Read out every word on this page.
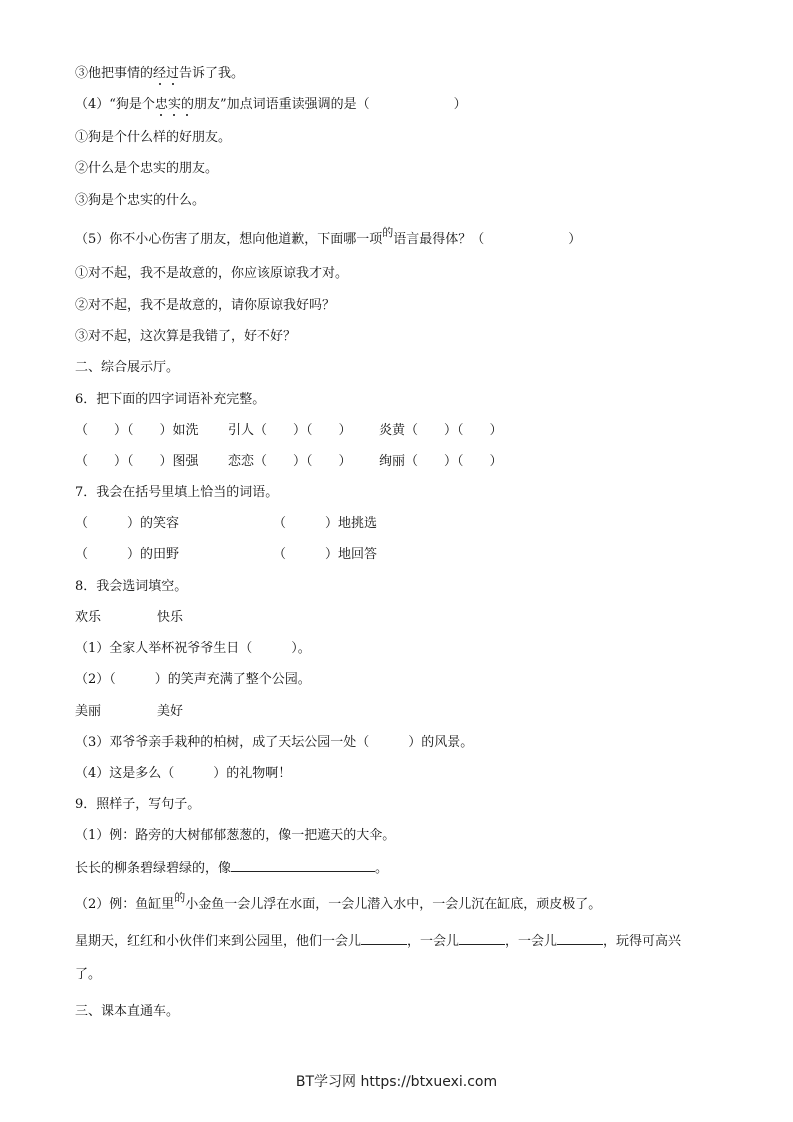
③他把事情的经过告诉了我。
（4）“狗是个忠实的朋友”加点词语重读强调的是（	）
①狗是个什么样的好朋友。
②什么是个忠实的朋友。
③狗是个忠实的什么。
（5）你不小心伤害了朋友，想向他道歉，下面哪一项$^的$语言最得体？（	）
①对不起，我不是故意的，你应该原谅我才对。
②对不起，我不是故意的，请你原谅我好吗？
③对不起，这次算是我错了，好不好？
二、综合展示厅。
6．把下面的四字词语补充完整。
（　　）（　　）如洗 引人（　　）（　　） 炎黄（　　）（　　）
（　　）（　　）图强 恋恋（　　）（　　） 绚丽（　　）（　　）
7．我会在括号里填上恰当的词语。
（　　　）的笑容	（　　　）地挑选
（　　　）的田野	（　　　）地回答
8．我会选词填空。
欢乐	快乐
（1）全家人举杯祝爷爷生日（　　　）。
（2）（　　　）的笑声充满了整个公园。
美丽	美好
（3）邓爷爷亲手栽种的柏树，成了天坛公园一处（　　　）的风景。
（4）这是多么（　　　）的礼物啊！
9．照样子，写句子。
（1）例：路旁的大树郁郁葱葱的，像一把遮天的大伞。
长长的柳条碧绿碧绿的，像	。
（2）例：鱼缸里$^的$小金鱼一会儿浮在水面，一会儿潜入水中，一会儿沉在缸底，顽皮极了。
星期天，红红和小伙伴们来到公园里，他们一会儿	，一会儿	，一会儿	，玩得可高兴
了。
三、课本直通车。
BT学习网 https://btxuexi.com
